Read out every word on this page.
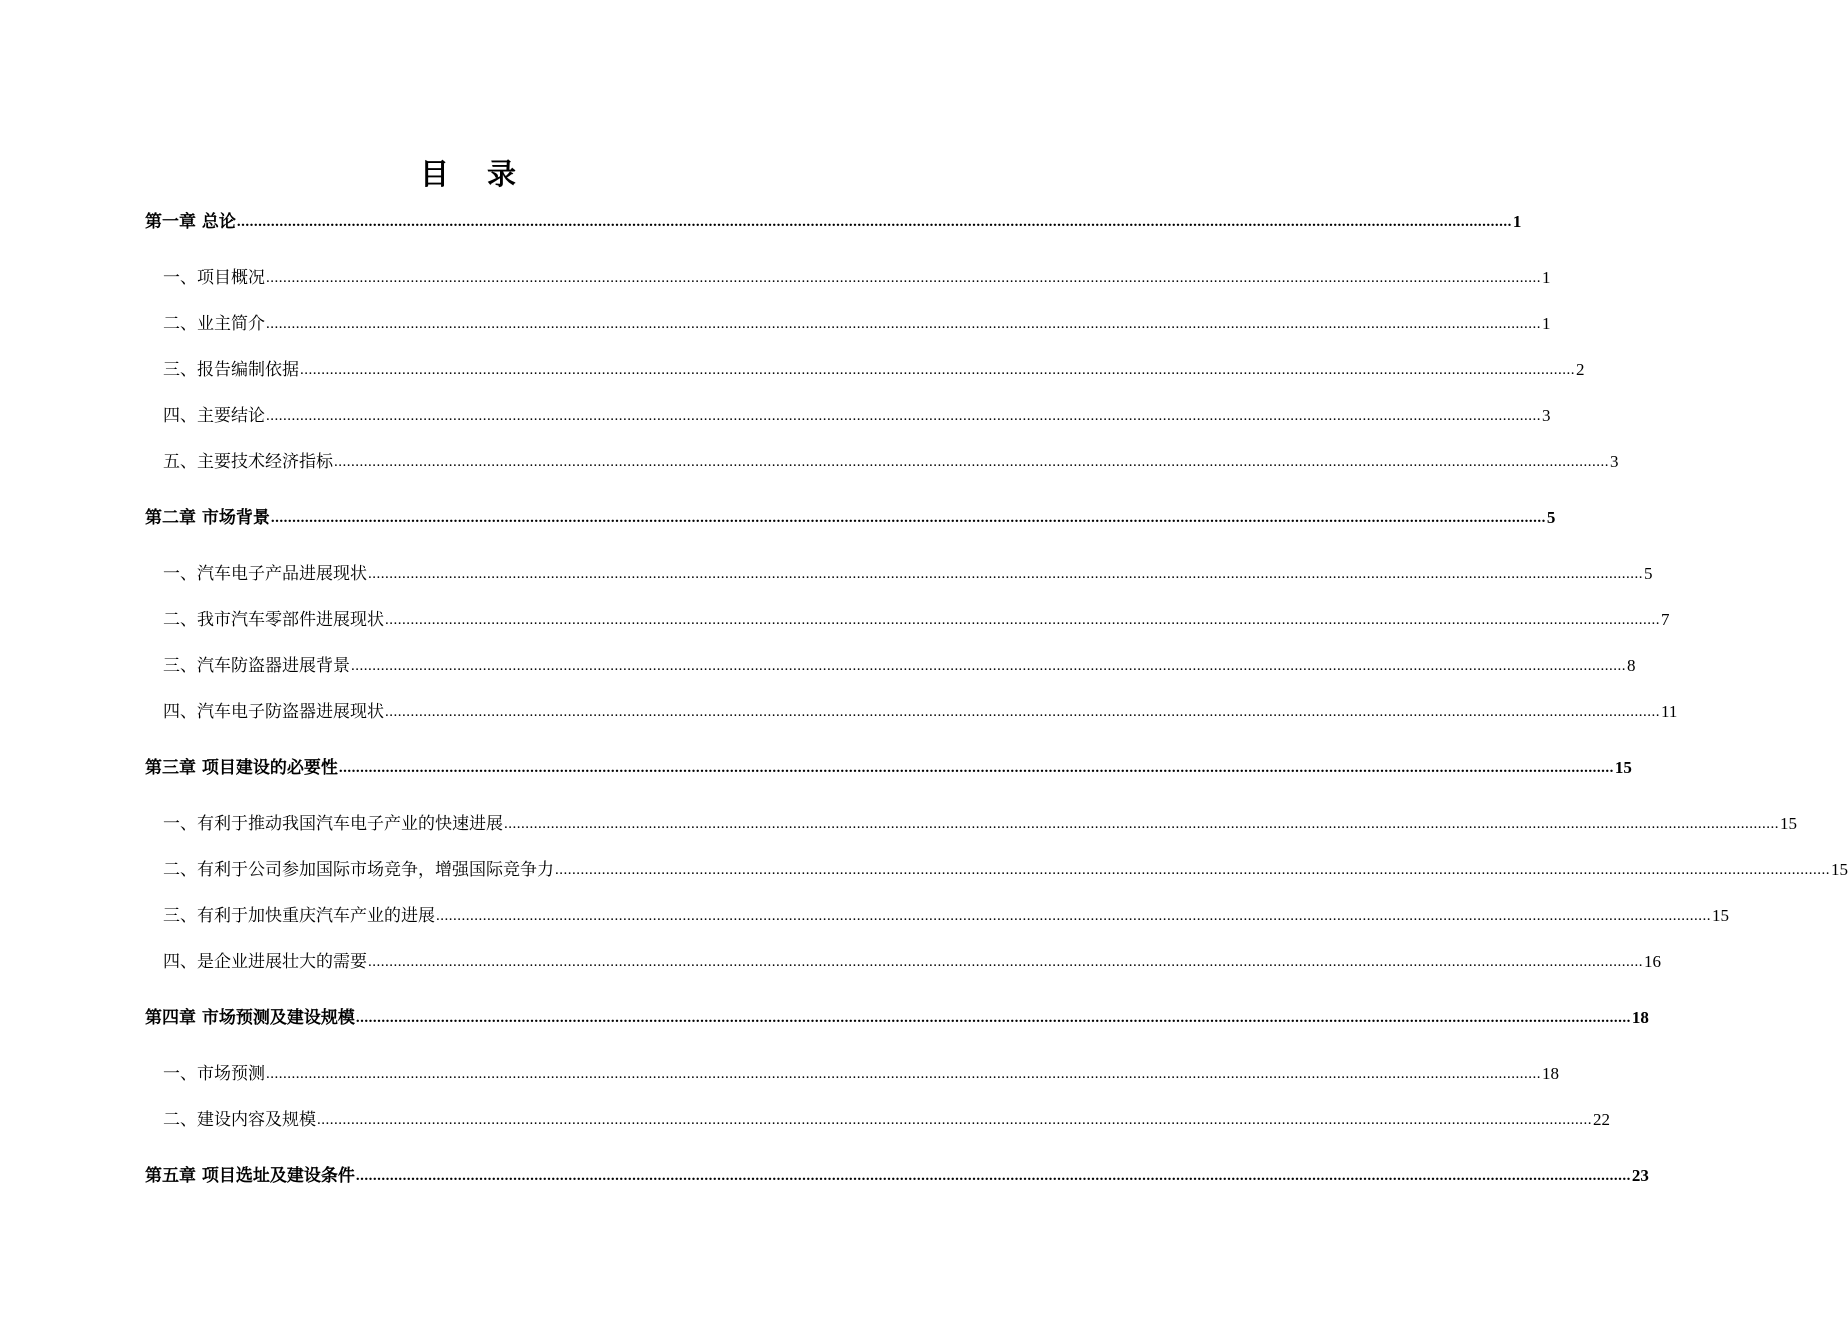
目 录
第一章 总论 ............................................................................................................................................................................................................................................................................................................ 1
一、项目概况 ............................................................................................................................................................................................................................................................................................................ 1
二、业主简介 ............................................................................................................................................................................................................................................................................................................ 1
三、报告编制依据 ............................................................................................................................................................................................................................................................................................................ 2
四、主要结论 ............................................................................................................................................................................................................................................................................................................ 3
五、主要技术经济指标 ............................................................................................................................................................................................................................................................................................................ 3
第二章 市场背景 ............................................................................................................................................................................................................................................................................................................ 5
一、汽车电子产品进展现状 ............................................................................................................................................................................................................................................................................................................ 5
二、我市汽车零部件进展现状 ............................................................................................................................................................................................................................................................................................................ 7
三、汽车防盗器进展背景 ............................................................................................................................................................................................................................................................................................................ 8
四、汽车电子防盗器进展现状 ............................................................................................................................................................................................................................................................................................................ 11
第三章 项目建设的必要性 ............................................................................................................................................................................................................................................................................................................ 15
一、有利于推动我国汽车电子产业的快速进展 ............................................................................................................................................................................................................................................................................................................ 15
二、有利于公司参加国际市场竞争，增强国际竞争力 ............................................................................................................................................................................................................................................................................................................ 15
三、有利于加快重庆汽车产业的进展 ............................................................................................................................................................................................................................................................................................................ 15
四、是企业进展壮大的需要 ............................................................................................................................................................................................................................................................................................................ 16
第四章 市场预测及建设规模 ............................................................................................................................................................................................................................................................................................................ 18
一、市场预测 ............................................................................................................................................................................................................................................................................................................ 18
二、建设内容及规模 ............................................................................................................................................................................................................................................................................................................ 22
第五章 项目选址及建设条件 ............................................................................................................................................................................................................................................................................................................ 23
